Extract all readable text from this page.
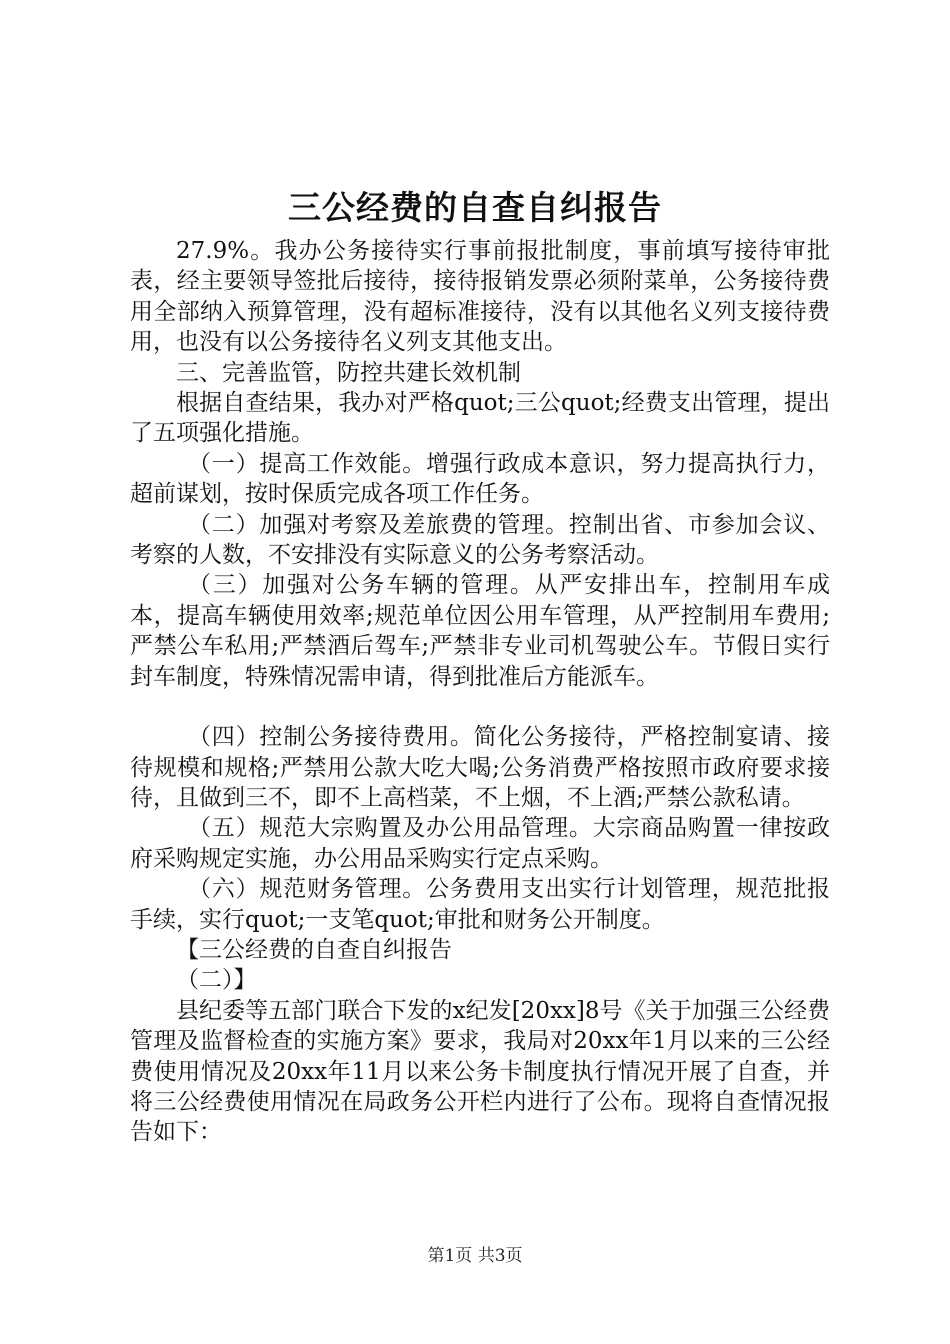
三公经费的自查自纠报告

27.9%。我办公务接待实行事前报批制度，事前填写接待审批表，经主要领导签批后接待，接待报销发票必须附菜单，公务接待费用全部纳入预算管理，没有超标准接待，没有以其他名义列支接待费用，也没有以公务接待名义列支其他支出。

三、完善监管，防控共建长效机制

根据自查结果，我办对严格quot;三公quot;经费支出管理，提出了五项强化措施。

（一）提高工作效能。增强行政成本意识，努力提高执行力，超前谋划，按时保质完成各项工作任务。

（二）加强对考察及差旅费的管理。控制出省、市参加会议、考察的人数，不安排没有实际意义的公务考察活动。

（三）加强对公务车辆的管理。从严安排出车，控制用车成本，提高车辆使用效率;规范单位因公用车管理，从严控制用车费用;严禁公车私用;严禁酒后驾车;严禁非专业司机驾驶公车。节假日实行封车制度，特殊情况需申请，得到批准后方能派车。

（四）控制公务接待费用。简化公务接待，严格控制宴请、接待规模和规格;严禁用公款大吃大喝;公务消费严格按照市政府要求接待，且做到三不，即不上高档菜，不上烟，不上酒;严禁公款私请。

（五）规范大宗购置及办公用品管理。大宗商品购置一律按政府采购规定实施，办公用品采购实行定点采购。

（六）规范财务管理。公务费用支出实行计划管理，规范批报手续，实行quot;一支笔quot;审批和财务公开制度。

【三公经费的自查自纠报告

（二）】

县纪委等五部门联合下发的x纪发[20xx]8号《关于加强三公经费管理及监督检查的实施方案》要求，我局对20xx年1月以来的三公经费使用情况及20xx年11月以来公务卡制度执行情况开展了自查，并将三公经费使用情况在局政务公开栏内进行了公布。现将自查情况报告如下：

第1页 共3页
